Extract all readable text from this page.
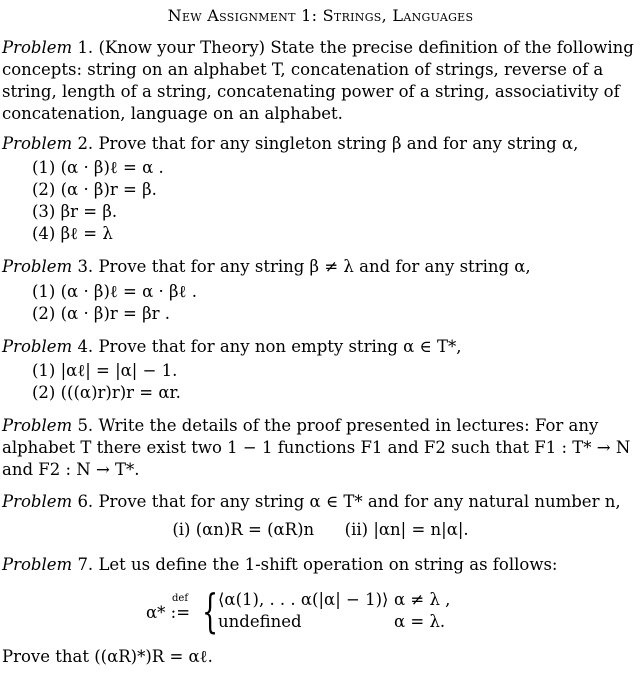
New Assignment 1: Strings, Languages
Problem 1. (Know your Theory) State the precise definition of the following
concepts: string on an alphabet T, concatenation of strings, reverse of a
string, length of a string, concatenating power of a string, associativity of
concatenation, language on an alphabet.
Problem 2. Prove that for any singleton string β and for any string α,
(1) (α · β)ℓ = α .
(2) (α · β)r = β.
(3) βr = β.
(4) βℓ = λ
Problem 3. Prove that for any string β ≠ λ and for any string α,
(1) (α · β)ℓ = α · βℓ .
(2) (α · β)r = βr .
Problem 4. Prove that for any non empty string α ∈ T*,
(1) |αℓ| = |α| − 1.
(2) (((α)r)r)r = αr.
Problem 5. Write the details of the proof presented in lectures: For any
alphabet T there exist two 1 − 1 functions F1 and F2 such that F1 : T* → N
and F2 : N → T*.
Problem 6. Prove that for any string α ∈ T* and for any natural number n,
(i) (αn)R = (αR)n (ii) |αn| = n|α|.
Problem 7. Let us define the 1-shift operation on string as follows:
def
α* := { ⟨α(1), . . . α(|α| − 1)⟩ α ≠ λ ,
undefined	α = λ.
Prove that ((αR)*)R = αℓ.
